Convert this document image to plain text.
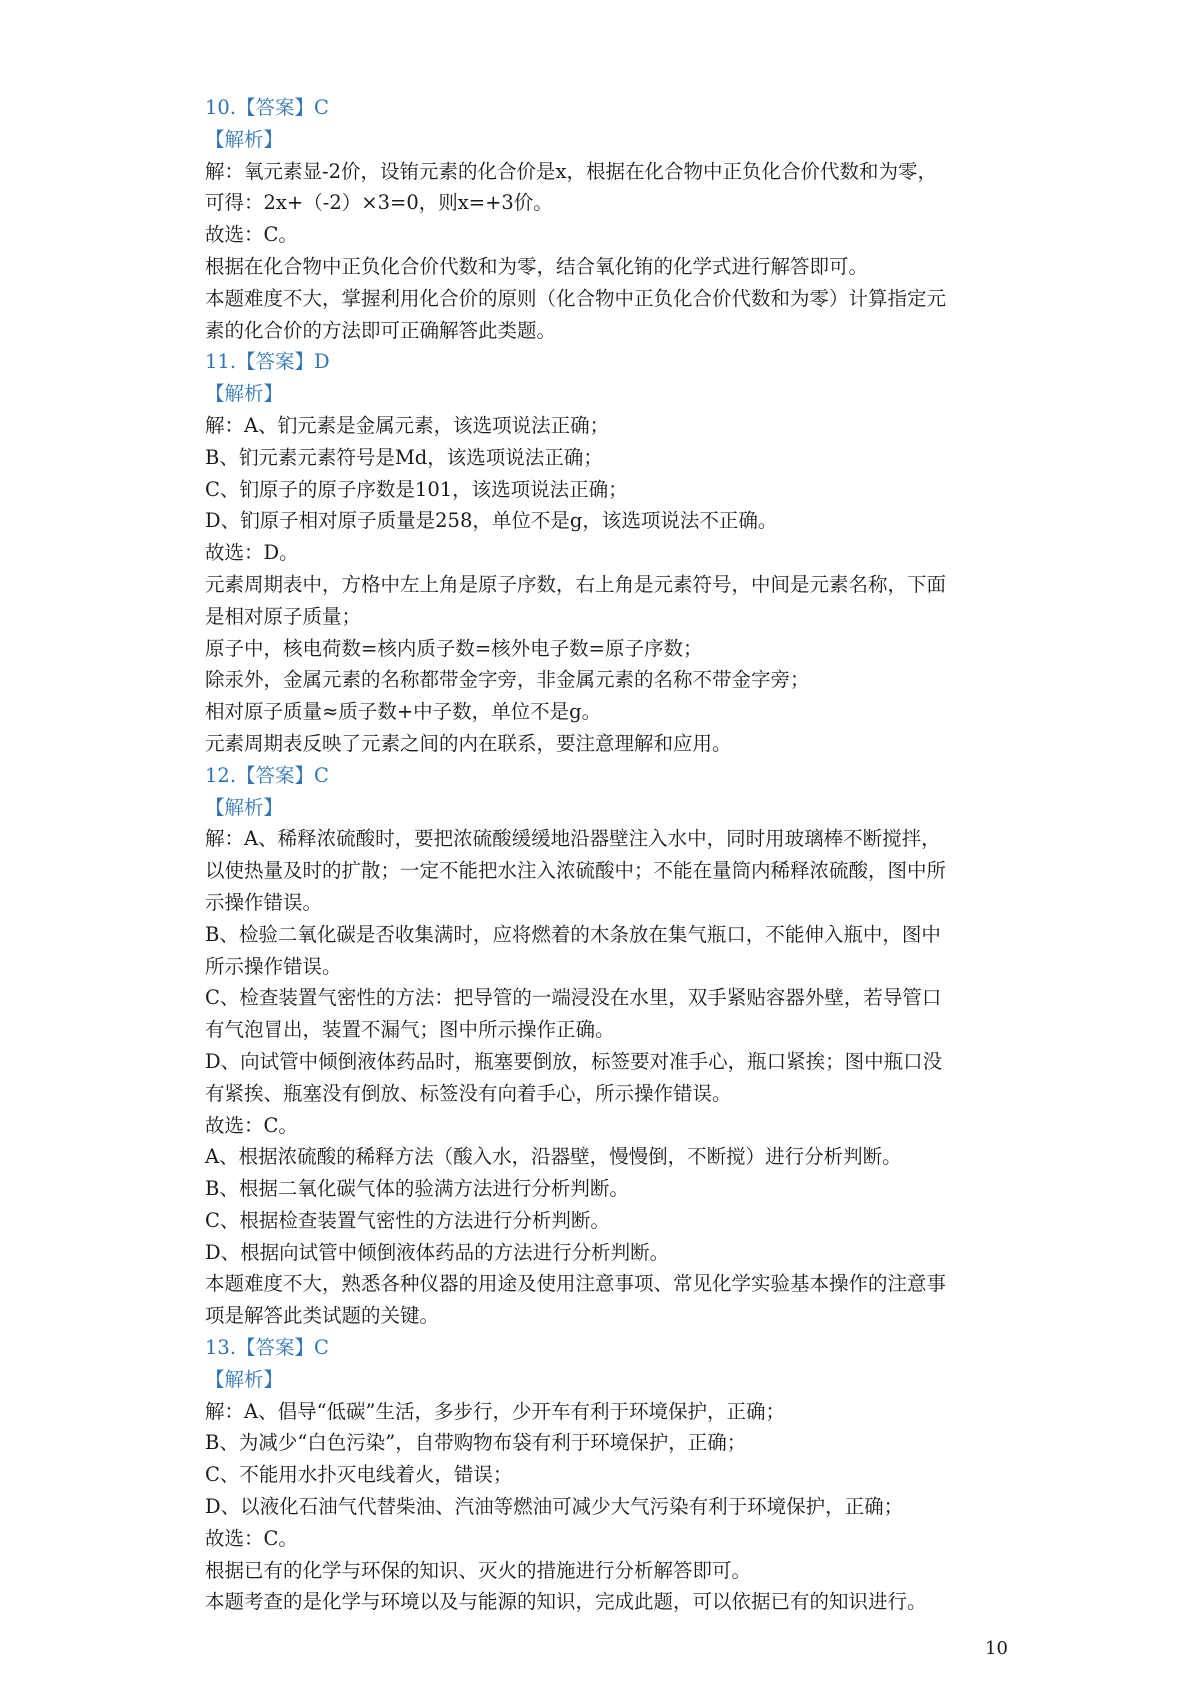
10.【答案】C
【解析】
解：氧元素显-2价，设铕元素的化合价是x，根据在化合物中正负化合价代数和为零，
可得：2x+（-2）×3=0，则x=+3价。
故选：C。
根据在化合物中正负化合价代数和为零，结合氧化铕的化学式进行解答即可。
本题难度不大，掌握利用化合价的原则（化合物中正负化合价代数和为零）计算指定元
素的化合价的方法即可正确解答此类题。
11.【答案】D
【解析】
解：A、钔元素是金属元素，该选项说法正确；
B、钔元素元素符号是Md，该选项说法正确；
C、钔原子的原子序数是101，该选项说法正确；
D、钔原子相对原子质量是258，单位不是g，该选项说法不正确。
故选：D。
元素周期表中，方格中左上角是原子序数，右上角是元素符号，中间是元素名称，下面
是相对原子质量；
原子中，核电荷数=核内质子数=核外电子数=原子序数；
除汞外，金属元素的名称都带金字旁，非金属元素的名称不带金字旁；
相对原子质量≈质子数+中子数，单位不是g。
元素周期表反映了元素之间的内在联系，要注意理解和应用。
12.【答案】C
【解析】
解：A、稀释浓硫酸时，要把浓硫酸缓缓地沿器壁注入水中，同时用玻璃棒不断搅拌，
以使热量及时的扩散；一定不能把水注入浓硫酸中；不能在量筒内稀释浓硫酸，图中所
示操作错误。
B、检验二氧化碳是否收集满时，应将燃着的木条放在集气瓶口，不能伸入瓶中，图中
所示操作错误。
C、检查装置气密性的方法：把导管的一端浸没在水里，双手紧贴容器外壁，若导管口
有气泡冒出，装置不漏气；图中所示操作正确。
D、向试管中倾倒液体药品时，瓶塞要倒放，标签要对准手心，瓶口紧挨；图中瓶口没
有紧挨、瓶塞没有倒放、标签没有向着手心，所示操作错误。
故选：C。
A、根据浓硫酸的稀释方法（酸入水，沿器壁，慢慢倒，不断搅）进行分析判断。
B、根据二氧化碳气体的验满方法进行分析判断。
C、根据检查装置气密性的方法进行分析判断。
D、根据向试管中倾倒液体药品的方法进行分析判断。
本题难度不大，熟悉各种仪器的用途及使用注意事项、常见化学实验基本操作的注意事
项是解答此类试题的关键。
13.【答案】C
【解析】
解：A、倡导“低碳”生活，多步行，少开车有利于环境保护，正确；
B、为减少“白色污染”，自带购物布袋有利于环境保护，正确；
C、不能用水扑灭电线着火，错误；
D、以液化石油气代替柴油、汽油等燃油可减少大气污染有利于环境保护，正确；
故选：C。
根据已有的化学与环保的知识、灭火的措施进行分析解答即可。
本题考查的是化学与环境以及与能源的知识，完成此题，可以依据已有的知识进行。
10
